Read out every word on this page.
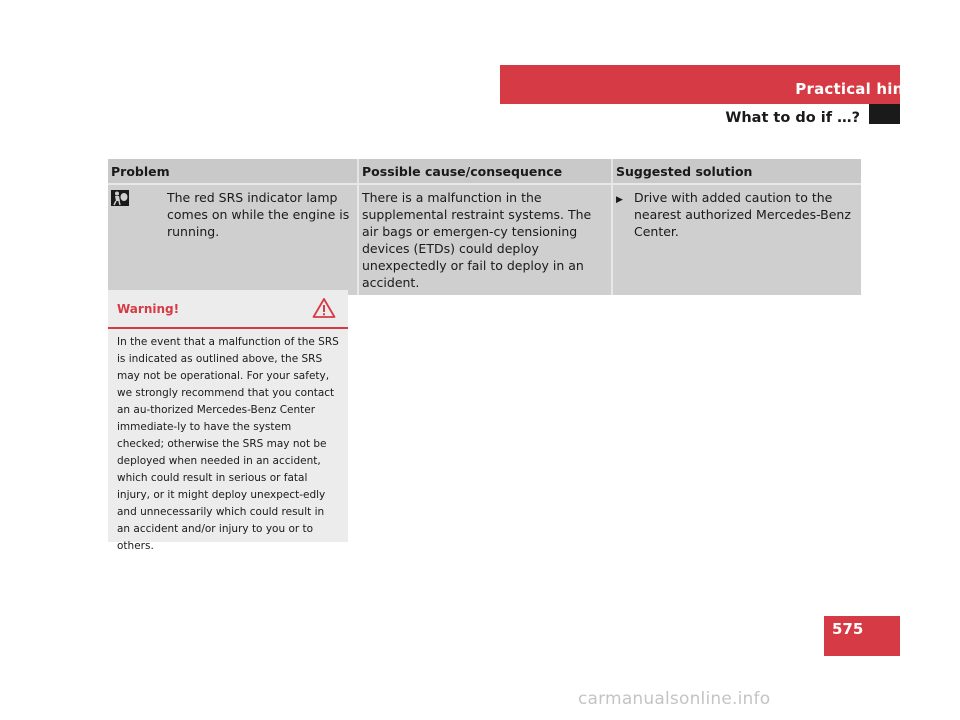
Practical hints
What to do if …?
Problem	Possible cause/consequence	Suggested solution

The red SRS indicator lamp comes on while the engine is running.	There is a malfunction in the supplemental restraint systems. The air bags or emergen-cy tensioning devices (ETDs) could deploy unexpectedly or fail to deploy in an accident.	▶ Drive with added caution to the nearest authorized Mercedes-Benz Center.
Warning!
In the event that a malfunction of the SRS is indicated as outlined above, the SRS may not be operational. For your safety, we strongly recommend that you contact an au-thorized Mercedes-Benz Center immediate-ly to have the system checked; otherwise the SRS may not be deployed when needed in an accident, which could result in serious or fatal injury, or it might deploy unexpect-edly and unnecessarily which could result in an accident and/or injury to you or to others.
575
carmanualsonline.info
